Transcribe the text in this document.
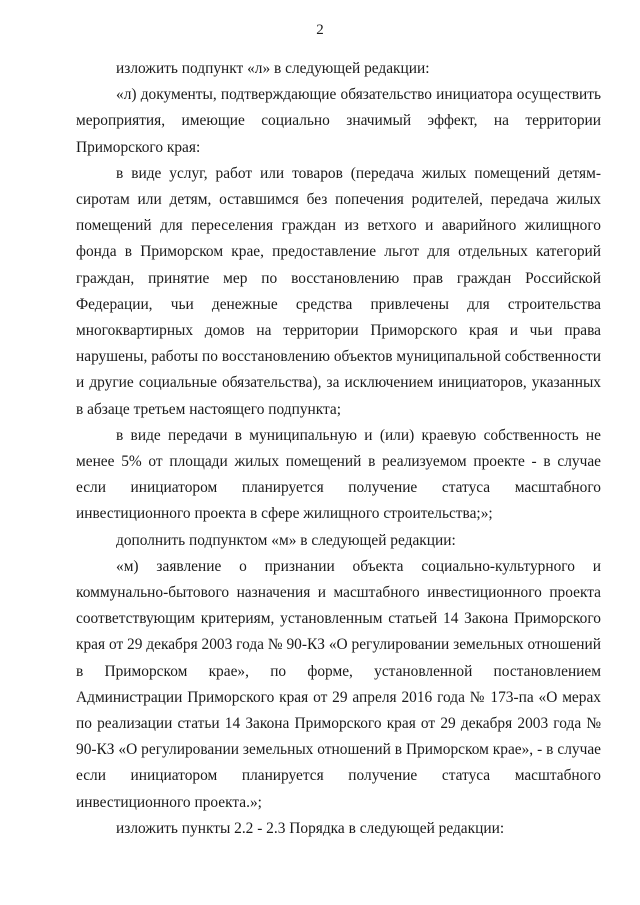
2

изложить подпункт «л» в следующей редакции:

«л) документы, подтверждающие обязательство инициатора осуществить мероприятия, имеющие социально значимый эффект, на территории Приморского края:

в виде услуг, работ или товаров (передача жилых помещений детям-сиротам или детям, оставшимся без попечения родителей, передача жилых помещений для переселения граждан из ветхого и аварийного жилищного фонда в Приморском крае, предоставление льгот для отдельных категорий граждан, принятие мер по восстановлению прав граждан Российской Федерации, чьи денежные средства привлечены для строительства многоквартирных домов на территории Приморского края и чьи права нарушены, работы по восстановлению объектов муниципальной собственности и другие социальные обязательства), за исключением инициаторов, указанных в абзаце третьем настоящего подпункта;

в виде передачи в муниципальную и (или) краевую собственность не менее 5% от площади жилых помещений в реализуемом проекте - в случае если инициатором планируется получение статуса масштабного инвестиционного проекта в сфере жилищного строительства;»;

дополнить подпунктом «м» в следующей редакции:

«м) заявление о признании объекта социально-культурного и коммунально-бытового назначения и масштабного инвестиционного проекта соответствующим критериям, установленным статьей 14 Закона Приморского края от 29 декабря 2003 года № 90-КЗ «О регулировании земельных отношений в Приморском крае», по форме, установленной постановлением Администрации Приморского края от 29 апреля 2016 года № 173-па «О мерах по реализации статьи 14 Закона Приморского края от 29 декабря 2003 года № 90-КЗ «О регулировании земельных отношений в Приморском крае», - в случае если инициатором планируется получение статуса масштабного инвестиционного проекта.»;

изложить пункты 2.2 - 2.3 Порядка в следующей редакции:
